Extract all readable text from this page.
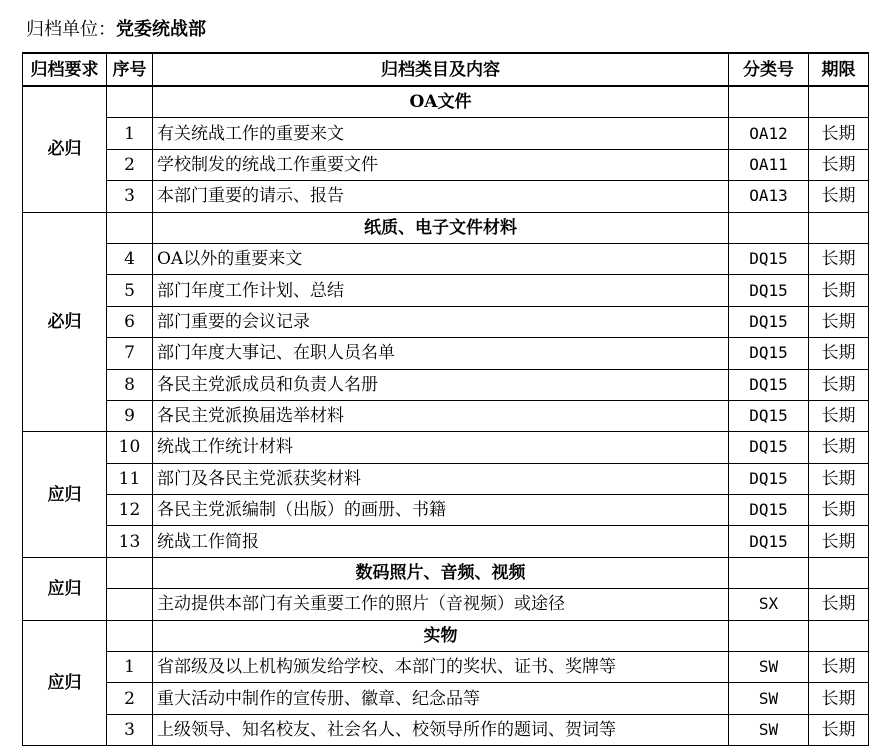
归档单位：党委统战部
归档要求	序号	归档类目及内容	分类号	期限
必归		OA文件		
	1	有关统战工作的重要来文	OA12	长期
	2	学校制发的统战工作重要文件	OA11	长期
	3	本部门重要的请示、报告	OA13	长期
必归		纸质、电子文件材料		
	4	OA以外的重要来文	DQ15	长期
	5	部门年度工作计划、总结	DQ15	长期
	6	部门重要的会议记录	DQ15	长期
	7	部门年度大事记、在职人员名单	DQ15	长期
	8	各民主党派成员和负责人名册	DQ15	长期
	9	各民主党派换届选举材料	DQ15	长期
应归	10	统战工作统计材料	DQ15	长期
	11	部门及各民主党派获奖材料	DQ15	长期
	12	各民主党派编制（出版）的画册、书籍	DQ15	长期
	13	统战工作简报	DQ15	长期
应归		数码照片、音频、视频		
		主动提供本部门有关重要工作的照片（音视频）或途径	SX	长期
应归		实物		
	1	省部级及以上机构颁发给学校、本部门的奖状、证书、奖牌等	SW	长期
	2	重大活动中制作的宣传册、徽章、纪念品等	SW	长期
	3	上级领导、知名校友、社会名人、校领导所作的题词、贺词等	SW	长期
